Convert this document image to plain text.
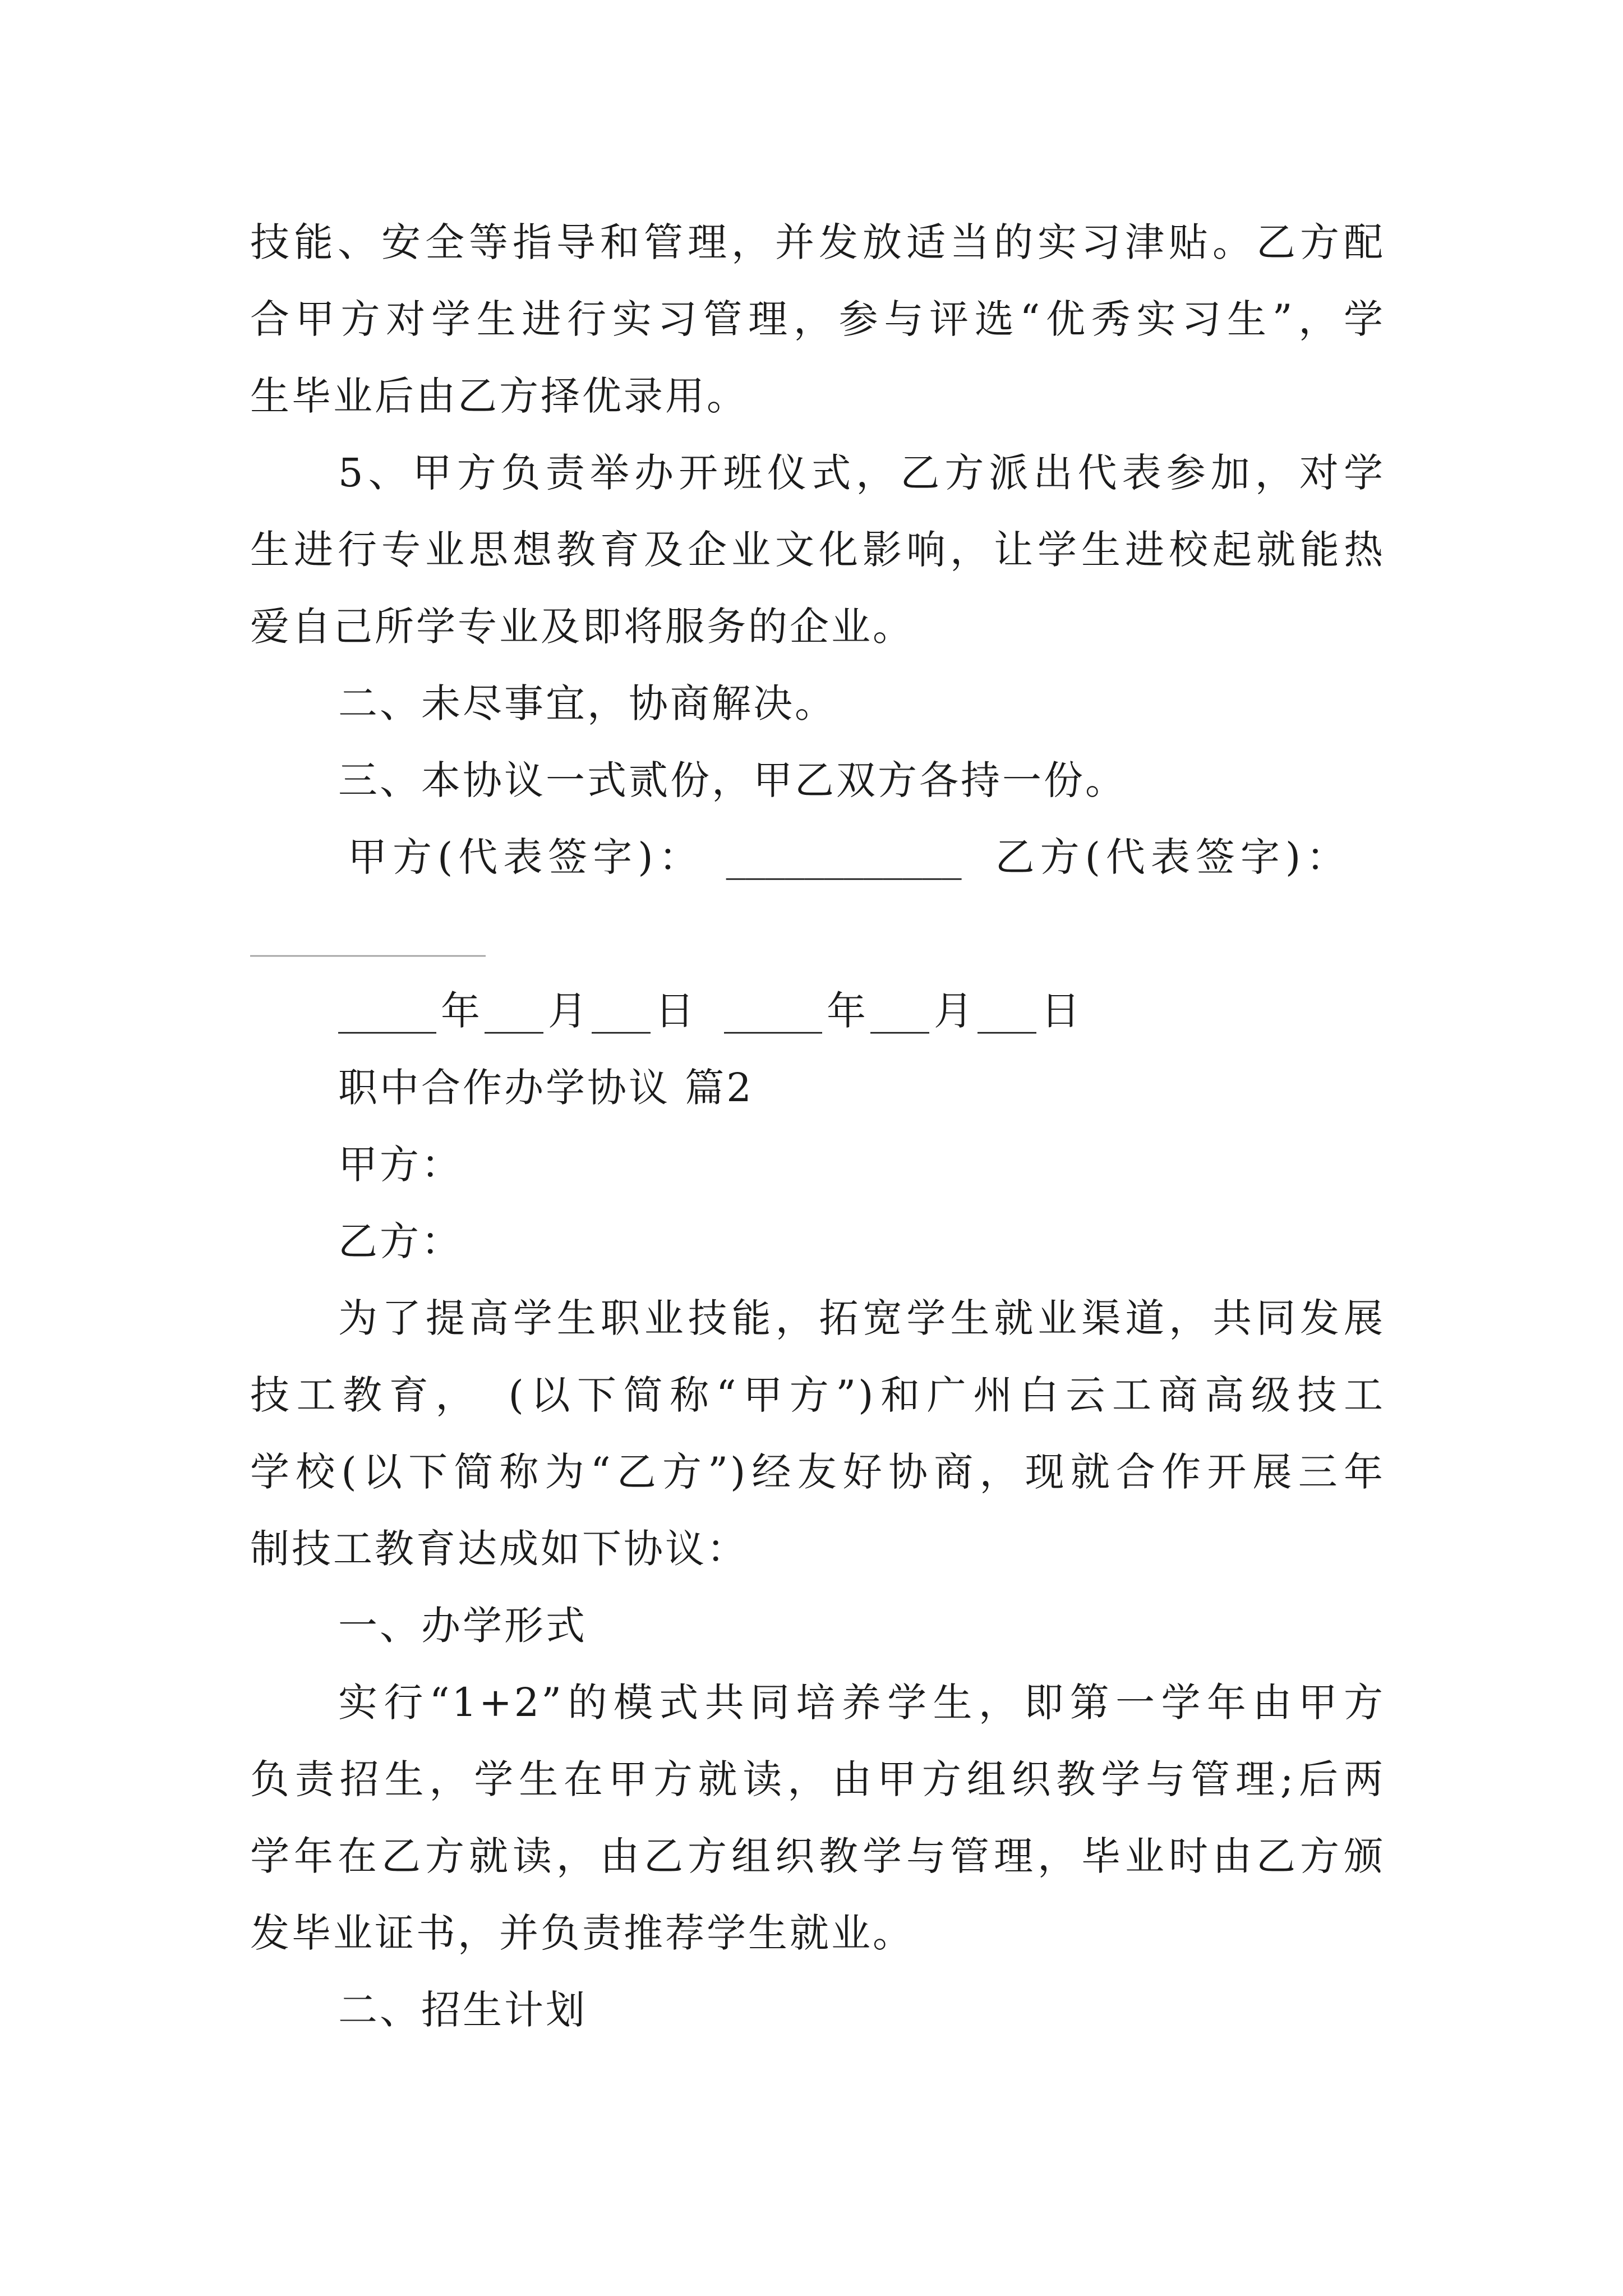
技能、安全等指导和管理，并发放适当的实习津贴。乙方配
合甲方对学生进行实习管理，参与评选“优秀实习生”，学
生毕业后由乙方择优录用。
5、甲方负责举办开班仪式，乙方派出代表参加，对学
生进行专业思想教育及企业文化影响，让学生进校起就能热
爱自己所学专业及即将服务的企业。
二、未尽事宜，协商解决。
三、本协议一式贰份，甲乙双方各持一份。
甲方(代表签字)： ____________ 乙方(代表签字)：
____________
_____ 年 ___ 月 ___ 日 _____ 年 ___ 月 ___ 日
职中合作办学协议 篇2
甲方：
乙方：
为了提高学生职业技能，拓宽学生就业渠道，共同发展
技工教育，　(以下简称“甲方”)和广州白云工商高级技工
学校(以下简称为“乙方”)经友好协商，现就合作开展三年
制技工教育达成如下协议：
一、办学形式
实行“1+2”的模式共同培养学生，即第一学年由甲方
负责招生，学生在甲方就读，由甲方组织教学与管理;后两
学年在乙方就读，由乙方组织教学与管理，毕业时由乙方颁
发毕业证书，并负责推荐学生就业。
二、招生计划
